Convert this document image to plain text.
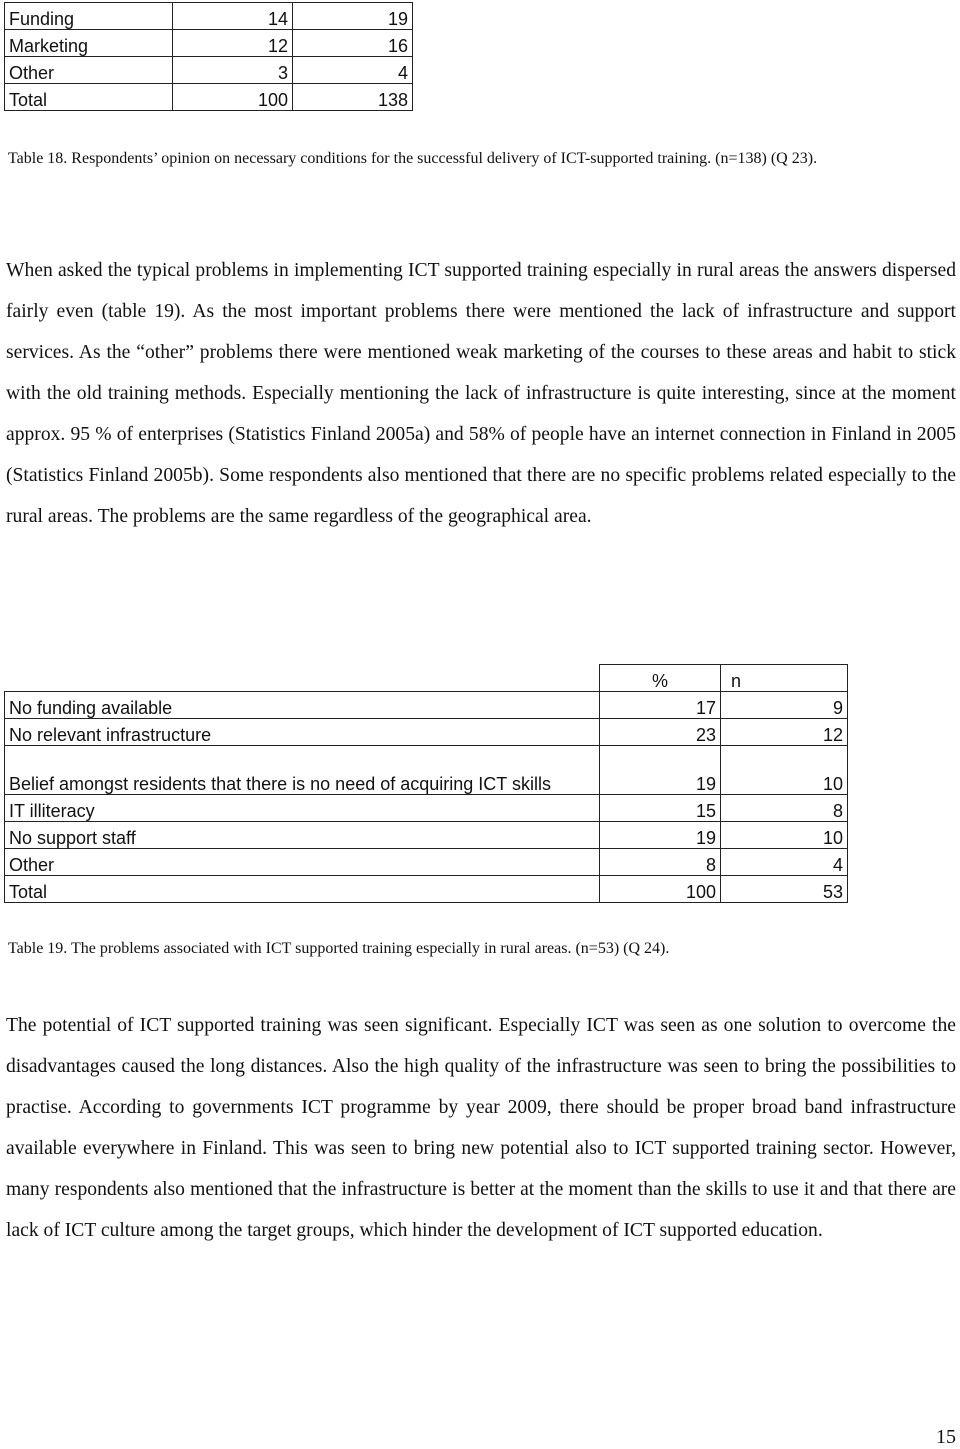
Funding	14	19
Marketing	12	16
Other	3	4
Total	100	138
Table 18. Respondents’ opinion on necessary conditions for the successful delivery of ICT-supported training. (n=138) (Q 23).
When asked the typical problems in implementing ICT supported training especially in rural areas the answers dispersed fairly even (table 19). As the most important problems there were mentioned the lack of infrastructure and support services. As the “other” problems there were mentioned weak marketing of the courses to these areas and habit to stick with the old training methods. Especially mentioning the lack of infrastructure is quite interesting, since at the moment approx. 95 % of enterprises (Statistics Finland 2005a) and 58% of people have an internet connection in Finland in 2005 (Statistics Finland 2005b). Some respondents also mentioned that there are no specific problems related especially to the rural areas. The problems are the same regardless of the geographical area.
	%	n
No funding available	17	9
No relevant infrastructure	23	12
Belief amongst residents that there is no need of acquiring ICT skills	19	10
IT illiteracy	15	8
No support staff	19	10
Other	8	4
Total	100	53
Table 19. The problems associated with ICT supported training especially in rural areas. (n=53) (Q 24).
The potential of ICT supported training was seen significant. Especially ICT was seen as one solution to overcome the disadvantages caused the long distances. Also the high quality of the infrastructure was seen to bring the possibilities to practise. According to governments ICT programme by year 2009, there should be proper broad band infrastructure available everywhere in Finland. This was seen to bring new potential also to ICT supported training sector. However, many respondents also mentioned that the infrastructure is better at the moment than the skills to use it and that there are lack of ICT culture among the target groups, which hinder the development of ICT supported education.
15
